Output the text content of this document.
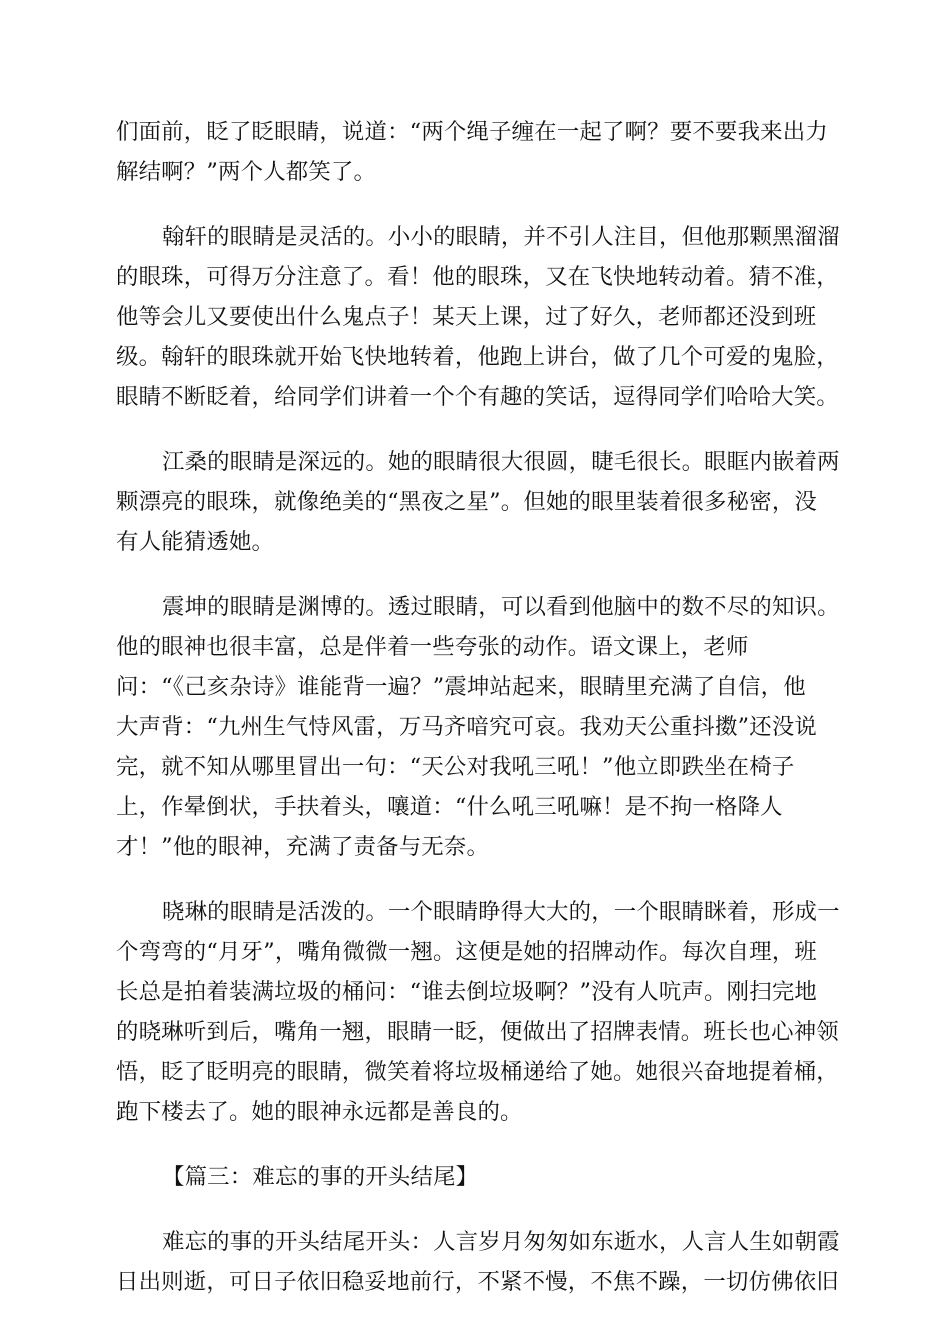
们面前，眨了眨眼睛，说道：“两个绳子缠在一起了啊？要不要我来出力
解结啊？”两个人都笑了。

翰轩的眼睛是灵活的。小小的眼睛，并不引人注目，但他那颗黑溜溜
的眼珠，可得万分注意了。看！他的眼珠，又在飞快地转动着。猜不准，
他等会儿又要使出什么鬼点子！某天上课，过了好久，老师都还没到班
级。翰轩的眼珠就开始飞快地转着，他跑上讲台，做了几个可爱的鬼脸，
眼睛不断眨着，给同学们讲着一个个有趣的笑话，逗得同学们哈哈大笑。

江桑的眼睛是深远的。她的眼睛很大很圆，睫毛很长。眼眶内嵌着两
颗漂亮的眼珠，就像绝美的“黑夜之星”。但她的眼里装着很多秘密，没
有人能猜透她。

震坤的眼睛是渊博的。透过眼睛，可以看到他脑中的数不尽的知识。
他的眼神也很丰富，总是伴着一些夸张的动作。语文课上，老师
问：“《己亥杂诗》谁能背一遍？”震坤站起来，眼睛里充满了自信，他
大声背：“九州生气恃风雷，万马齐喑究可哀。我劝天公重抖擞”还没说
完，就不知从哪里冒出一句：“天公对我吼三吼！”他立即跌坐在椅子
上，作晕倒状，手扶着头，嚷道：“什么吼三吼嘛！是不拘一格降人
才！”他的眼神，充满了责备与无奈。

晓琳的眼睛是活泼的。一个眼睛睁得大大的，一个眼睛眯着，形成一
个弯弯的“月牙”，嘴角微微一翘。这便是她的招牌动作。每次自理，班
长总是拍着装满垃圾的桶问：“谁去倒垃圾啊？”没有人吭声。刚扫完地
的晓琳听到后，嘴角一翘，眼睛一眨，便做出了招牌表情。班长也心神领
悟，眨了眨明亮的眼睛，微笑着将垃圾桶递给了她。她很兴奋地提着桶，
跑下楼去了。她的眼神永远都是善良的。

【篇三：难忘的事的开头结尾】

难忘的事的开头结尾开头：人言岁月匆匆如东逝水，人言人生如朝霞
日出则逝，可日子依旧稳妥地前行，不紧不慢，不焦不躁，一切仿佛依旧
